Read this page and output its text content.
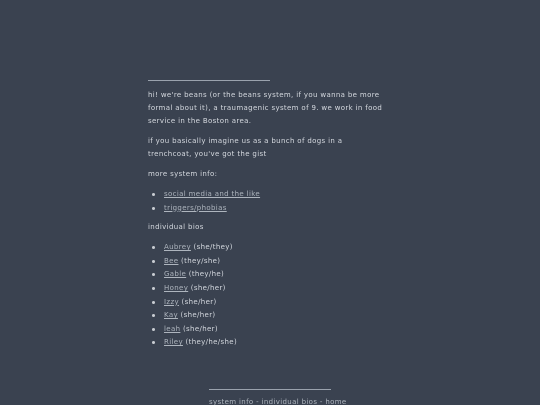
hi! we're beans (or the beans system, if you wanna be more formal about it), a traumagenic system of 9. we work in food service in the Boston area.

if you basically imagine us as a bunch of dogs in a trenchcoat, you've got the gist

more system info:

social media and the like
triggers/phobias

individual bios

Aubrey (she/they)
Bee (they/she)
Gable (they/he)
Honey (she/her)
Izzy (she/her)
Kay (she/her)
leah (she/her)
Riley (they/he/she)
system info - individual bios - home
